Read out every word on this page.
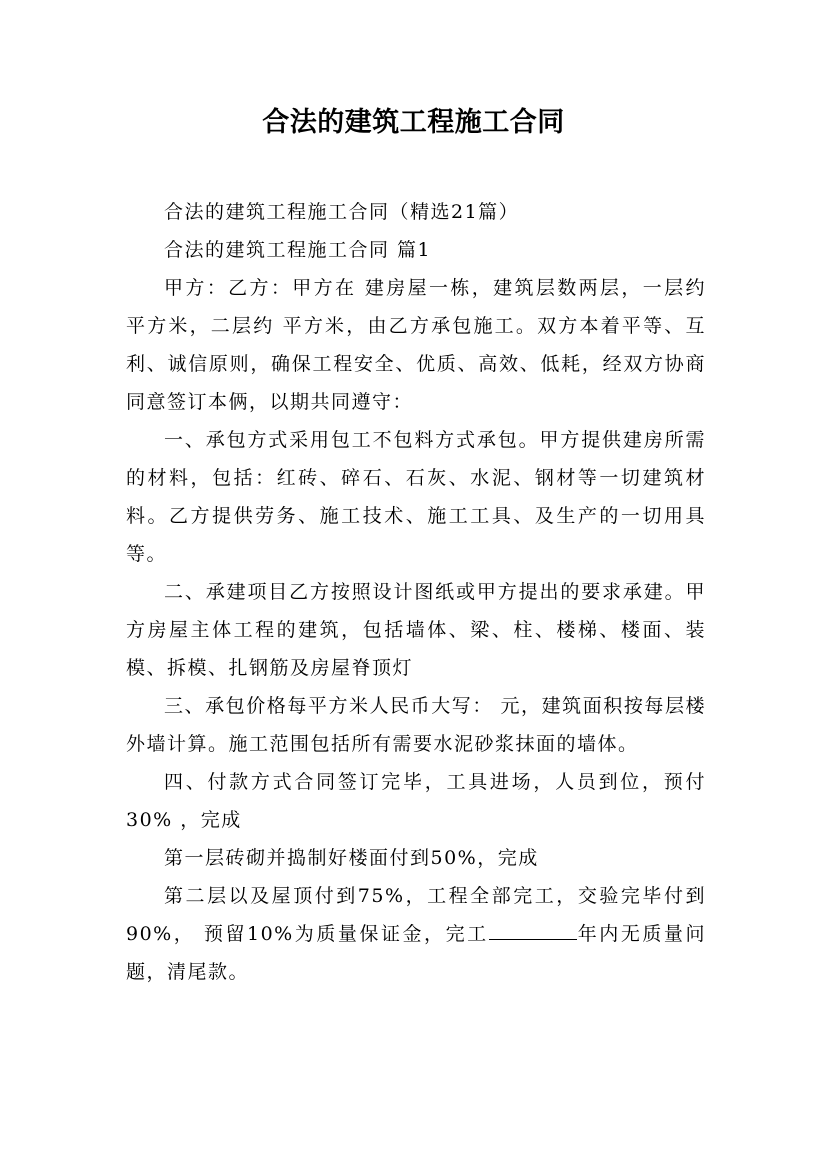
合法的建筑工程施工合同

合法的建筑工程施工合同（精选21篇）

合法的建筑工程施工合同 篇1

甲方：乙方：甲方在 建房屋一栋，建筑层数两层，一层约 平方米，二层约 平方米，由乙方承包施工。双方本着平等、互利、诚信原则，确保工程安全、优质、高效、低耗，经双方协商同意签订本俩，以期共同遵守：

一、承包方式采用包工不包料方式承包。甲方提供建房所需的材料，包括：红砖、碎石、石灰、水泥、钢材等一切建筑材料。乙方提供劳务、施工技术、施工工具、及生产的一切用具等。

二、承建项目乙方按照设计图纸或甲方提出的要求承建。甲方房屋主体工程的建筑，包括墙体、梁、柱、楼梯、楼面、装模、拆模、扎钢筋及房屋脊顶灯

三、承包价格每平方米人民币大写： 元，建筑面积按每层楼外墙计算。施工范围包括所有需要水泥砂浆抹面的墙体。

四、付款方式合同签订完毕，工具进场，人员到位，预付30% ，完成

第一层砖砌并捣制好楼面付到50%，完成

第二层以及屋顶付到75%，工程全部完工，交验完毕付到90%， 预留10%为质量保证金，完工	年内无质量问题，清尾款。
